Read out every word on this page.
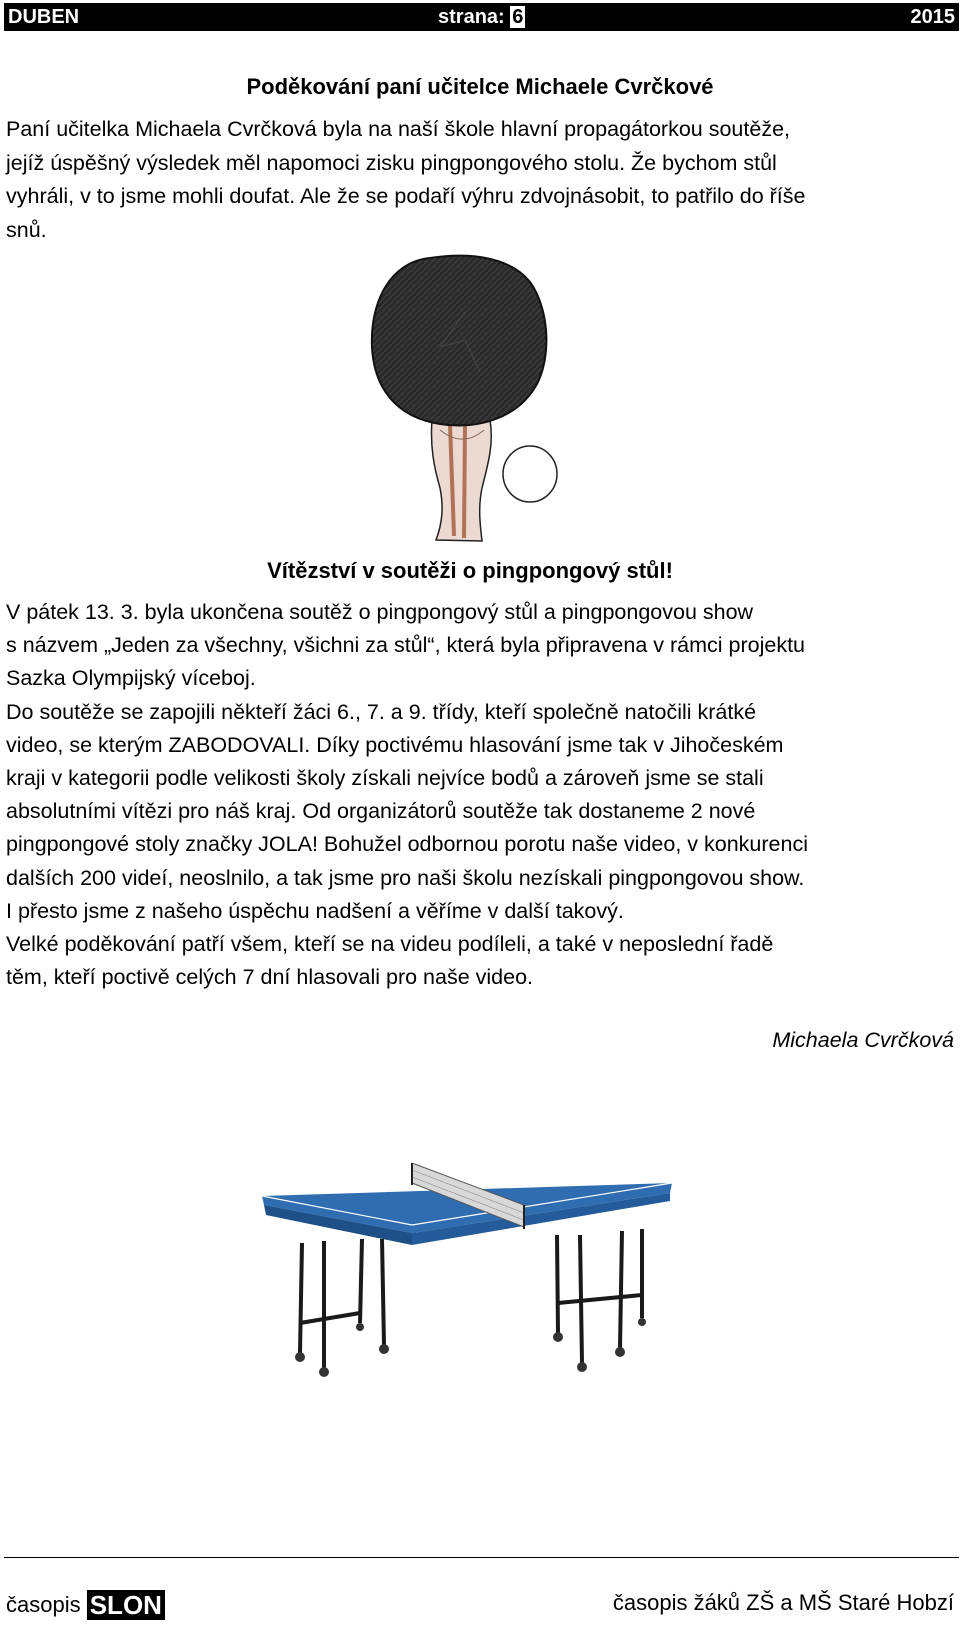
DUBEN	strana: 6	2015
Poděkování paní učitelce Michaele Cvrčkové
Paní učitelka Michaela Cvrčková byla na naší škole hlavní propagátorkou soutěže,
jejíž úspěšný výsledek měl napomoci zisku pingpongového stolu. Že bychom stůl
vyhráli, v to jsme mohli doufat. Ale že se podaří výhru zdvojnásobit, to patřilo do říše
snů.
Vítězství v soutěži o pingpongový stůl!
V pátek 13. 3. byla ukončena soutěž o pingpongový stůl a pingpongovou show
s názvem „Jeden za všechny, všichni za stůl“, která byla připravena v rámci projektu
Sazka Olympijský víceboj.
Do soutěže se zapojili někteří žáci 6., 7. a 9. třídy, kteří společně natočili krátké
video, se kterým ZABODOVALI. Díky poctivému hlasování jsme tak v Jihočeském
kraji v kategorii podle velikosti školy získali nejvíce bodů a zároveň jsme se stali
absolutními vítězi pro náš kraj. Od organizátorů soutěže tak dostaneme 2 nové
pingpongové stoly značky JOLA! Bohužel odbornou porotu naše video, v konkurenci
dalších 200 videí, neoslnilo, a tak jsme pro naši školu nezískali pingpongovou show.
I přesto jsme z našeho úspěchu nadšení a věříme v další takový.
Velké poděkování patří všem, kteří se na videu podíleli, a také v neposlední řadě
těm, kteří poctivě celých 7 dní hlasovali pro naše video.
Michaela Cvrčková
časopis SLON	časopis žáků ZŠ a MŠ Staré Hobzí
